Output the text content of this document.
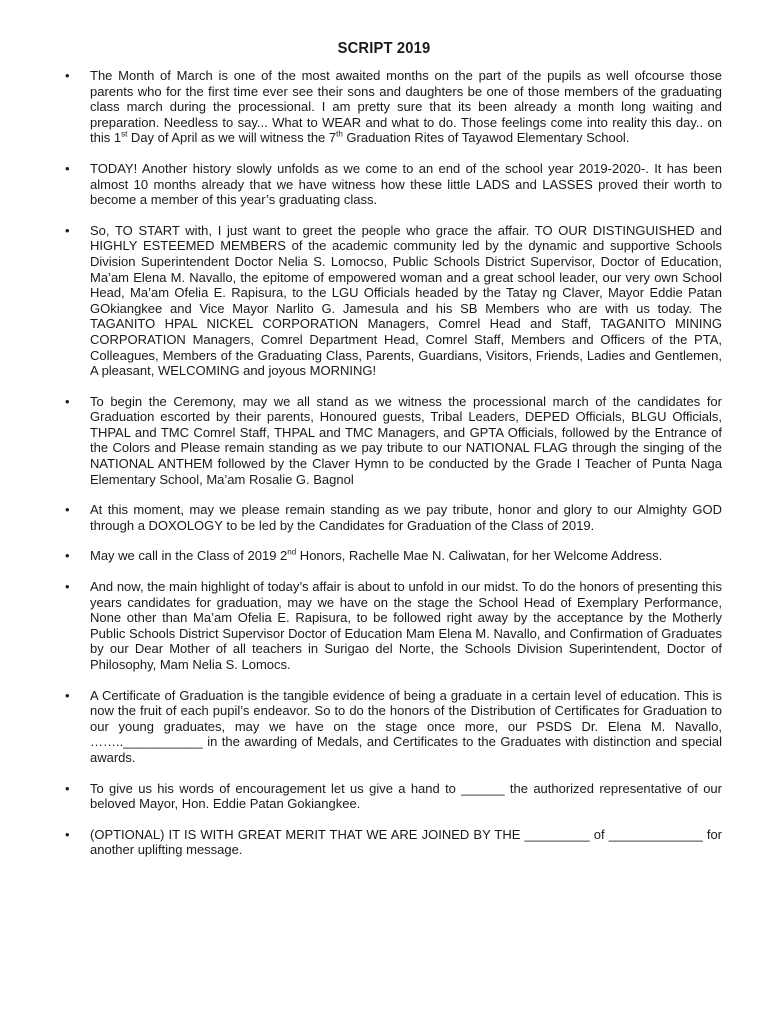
SCRIPT 2019
• The Month of March is one of the most awaited months on the part of the pupils as well ofcourse those parents who for the first time ever see their sons and daughters be one of those members of the graduating class march during the processional. I am pretty sure that its been already a month long waiting and preparation. Needless to say... What to WEAR and what to do. Those feelings come into reality this day.. on this 1st Day of April as we will witness the 7th Graduation Rites of Tayawod Elementary School.

• TODAY! Another history slowly unfolds as we come to an end of the school year 2019-2020-. It has been almost 10 months already that we have witness how these little LADS and LASSES proved their worth to become a member of this year’s graduating class.

• So, TO START with, I just want to greet the people who grace the affair. TO OUR DISTINGUISHED and HIGHLY ESTEEMED MEMBERS of the academic community led by the dynamic and supportive Schools Division Superintendent Doctor Nelia S. Lomocso, Public Schools District Supervisor, Doctor of Education, Ma’am Elena M. Navallo, the epitome of empowered woman and a great school leader, our very own School Head, Ma’am Ofelia E. Rapisura, to the LGU Officials headed by the Tatay ng Claver, Mayor Eddie Patan GOkiangkee and Vice Mayor Narlito G. Jamesula and his SB Members who are with us today. The TAGANITO HPAL NICKEL CORPORATION Managers, Comrel Head and Staff, TAGANITO MINING CORPORATION Managers, Comrel Department Head, Comrel Staff, Members and Officers of the PTA, Colleagues, Members of the Graduating Class, Parents, Guardians, Visitors, Friends, Ladies and Gentlemen, A pleasant, WELCOMING and joyous MORNING!

• To begin the Ceremony, may we all stand as we witness the processional march of the candidates for Graduation escorted by their parents, Honoured guests, Tribal Leaders, DEPED Officials, BLGU Officials, THPAL and TMC Comrel Staff, THPAL and TMC Managers, and GPTA Officials, followed by the Entrance of the Colors and Please remain standing as we pay tribute to our NATIONAL FLAG through the singing of the NATIONAL ANTHEM followed by the Claver Hymn to be conducted by the Grade I Teacher of Punta Naga Elementary School, Ma’am Rosalie G. Bagnol

• At this moment, may we please remain standing as we pay tribute, honor and glory to our Almighty GOD through a DOXOLOGY to be led by the Candidates for Graduation of the Class of 2019.

• May we call in the Class of 2019 2nd Honors, Rachelle Mae N. Caliwatan, for her Welcome Address.

• And now, the main highlight of today’s affair is about to unfold in our midst. To do the honors of presenting this years candidates for graduation, may we have on the stage the School Head of Exemplary Performance, None other than Ma’am Ofelia E. Rapisura, to be followed right away by the acceptance by the Motherly Public Schools District Supervisor Doctor of Education Mam Elena M. Navallo, and Confirmation of Graduates by our Dear Mother of all teachers in Surigao del Norte, the Schools Division Superintendent, Doctor of Philosophy, Mam Nelia S. Lomocs.

• A Certificate of Graduation is the tangible evidence of being a graduate in a certain level of education. This is now the fruit of each pupil’s endeavor. So to do the honors of the Distribution of Certificates for Graduation to our young graduates, may we have on the stage once more, our PSDS Dr. Elena M. Navallo, ……..___________ in the awarding of Medals, and Certificates to the Graduates with distinction and special awards.

• To give us his words of encouragement let us give a hand to ______ the authorized representative of our beloved Mayor, Hon. Eddie Patan Gokiangkee.

• (OPTIONAL) IT IS WITH GREAT MERIT THAT WE ARE JOINED BY THE _________ of _____________ for another uplifting message.
